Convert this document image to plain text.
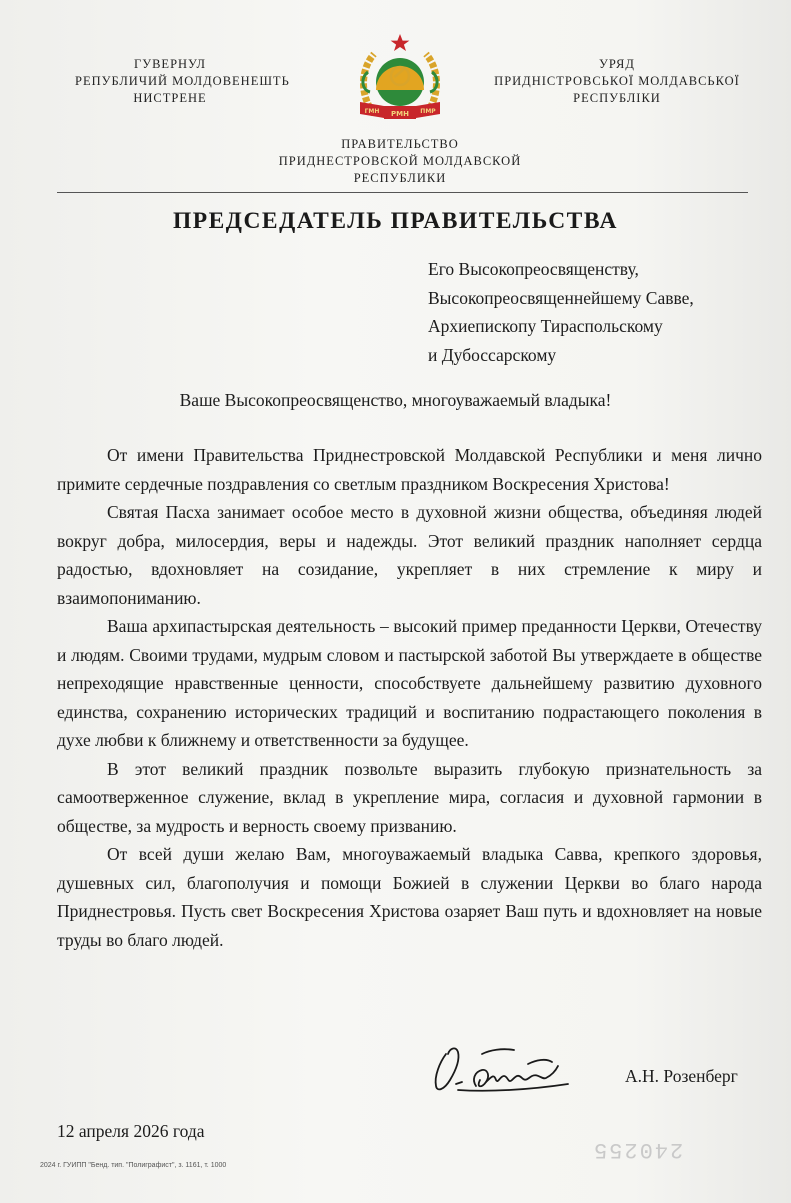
ГУВЕРНУЛ
РЕПУБЛИЧИЙ МОЛДОВЕНЕШТЬ
НИСТРЕНЕ
ГМН РМН ПМР
УРЯД
ПРИДНІСТРОВСЬКОЇ МОЛДАВСЬКОЇ
РЕСПУБЛІКИ
ПРАВИТЕЛЬСТВО
ПРИДНЕСТРОВСКОЙ МОЛДАВСКОЙ
РЕСПУБЛИКИ
ПРЕДСЕДАТЕЛЬ ПРАВИТЕЛЬСТВА
Его Высокопреосвященству,
Высокопреосвященнейшему Савве,
Архиепископу Тираспольскому
и Дубоссарскому
Ваше Высокопреосвященство, многоуважаемый владыка!

От имени Правительства Приднестровской Молдавской Республики и меня лично примите сердечные поздравления со светлым праздником Воскресения Христова!

Святая Пасха занимает особое место в духовной жизни общества, объединяя людей вокруг добра, милосердия, веры и надежды. Этот великий праздник наполняет сердца радостью, вдохновляет на созидание, укрепляет в них стремление к миру и взаимопониманию.

Ваша архипастырская деятельность – высокий пример преданности Церкви, Отечеству и людям. Своими трудами, мудрым словом и пастырской заботой Вы утверждаете в обществе непреходящие нравственные ценности, способствуете дальнейшему развитию духовного единства, сохранению исторических традиций и воспитанию подрастающего поколения в духе любви к ближнему и ответственности за будущее.

В этот великий праздник позвольте выразить глубокую признательность за самоотверженное служение, вклад в укрепление мира, согласия и духовной гармонии в обществе, за мудрость и верность своему призванию.

От всей души желаю Вам, многоуважаемый владыка Савва, крепкого здоровья, душевных сил, благополучия и помощи Божией в служении Церкви во благо народа Приднестровья. Пусть свет Воскресения Христова озаряет Ваш путь и вдохновляет на новые труды во благо людей.

А.Н. Розенберг
12 апреля 2026 года
2024 г. ГУИПП "Бенд. тип. "Полиграфист", з. 1161, т. 1000
240255
